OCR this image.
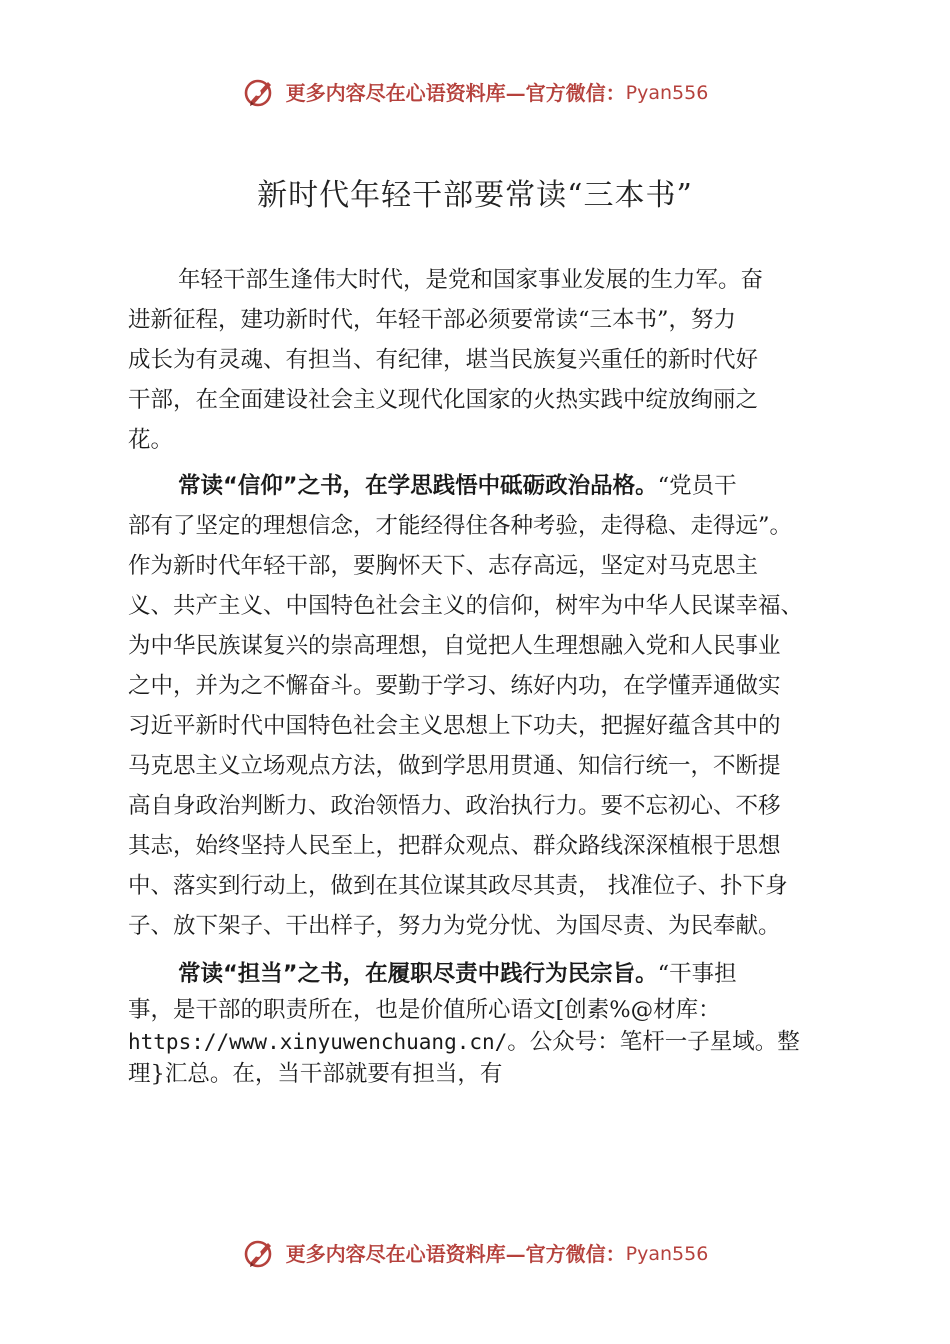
更多内容尽在心语资料库—官方微信：Pyan556
新时代年轻干部要常读“三本书”
年轻干部生逢伟大时代，是党和国家事业发展的生力军。奋
进新征程，建功新时代，年轻干部必须要常读“三本书”，努力
成长为有灵魂、有担当、有纪律，堪当民族复兴重任的新时代好
干部，在全面建设社会主义现代化国家的火热实践中绽放绚丽之
花。
常读“信仰”之书，在学思践悟中砥砺政治品格。“党员干
部有了坚定的理想信念，才能经得住各种考验，走得稳、走得远”。
作为新时代年轻干部，要胸怀天下、志存高远，坚定对马克思主
义、共产主义、中国特色社会主义的信仰，树牢为中华人民谋幸福、
为中华民族谋复兴的崇高理想，自觉把人生理想融入党和人民事业
之中，并为之不懈奋斗。要勤于学习、练好内功，在学懂弄通做实
习近平新时代中国特色社会主义思想上下功夫，把握好蕴含其中的
马克思主义立场观点方法，做到学思用贯通、知信行统一，不断提
高自身政治判断力、政治领悟力、政治执行力。要不忘初心、不移
其志，始终坚持人民至上，把群众观点、群众路线深深植根于思想
中、落实到行动上，做到在其位谋其政尽其责， 找准位子、扑下身
子、放下架子、干出样子，努力为党分忧、为国尽责、为民奉献。
常读“担当”之书，在履职尽责中践行为民宗旨。“干事担
事，是干部的职责所在，也是价值所心语文[创素%@材库：
https://www.xinyuwenchuang.cn/。公众号：笔杆一子星域。整
理}汇总。在，当干部就要有担当，有
更多内容尽在心语资料库—官方微信：Pyan556
